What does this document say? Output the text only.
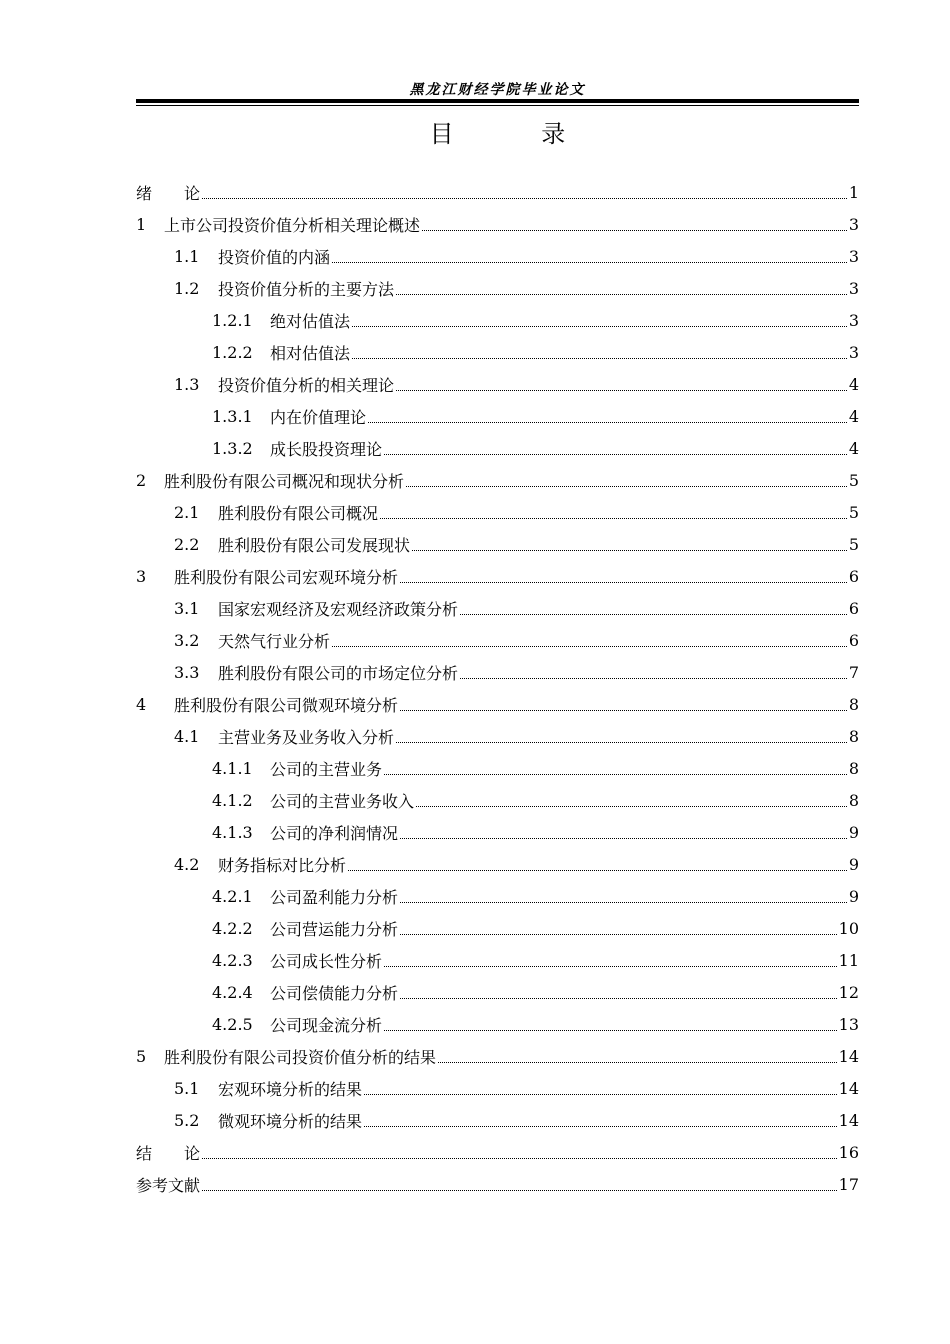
黑龙江财经学院毕业论文
目 录
绪　　论	1
1	上市公司投资价值分析相关理论概述	3
1.1	投资价值的内涵	3
1.2	投资价值分析的主要方法	3
1.2.1	绝对估值法	3
1.2.2	相对估值法	3
1.3	投资价值分析的相关理论	4
1.3.1	内在价值理论	4
1.3.2	成长股投资理论	4
2	胜利股份有限公司概况和现状分析	5
2.1	胜利股份有限公司概况	5
2.2	胜利股份有限公司发展现状	5
3	胜利股份有限公司宏观环境分析	6
3.1	国家宏观经济及宏观经济政策分析	6
3.2	天然气行业分析	6
3.3	胜利股份有限公司的市场定位分析	7
4	胜利股份有限公司微观环境分析	8
4.1	主营业务及业务收入分析	8
4.1.1	公司的主营业务	8
4.1.2	公司的主营业务收入	8
4.1.3	公司的净利润情况	9
4.2	财务指标对比分析	9
4.2.1	公司盈利能力分析	9
4.2.2	公司营运能力分析	10
4.2.3	公司成长性分析	11
4.2.4	公司偿债能力分析	12
4.2.5	公司现金流分析	13
5	胜利股份有限公司投资价值分析的结果	14
5.1	宏观环境分析的结果	14
5.2	微观环境分析的结果	14
结　　论	16
参考文献	17
